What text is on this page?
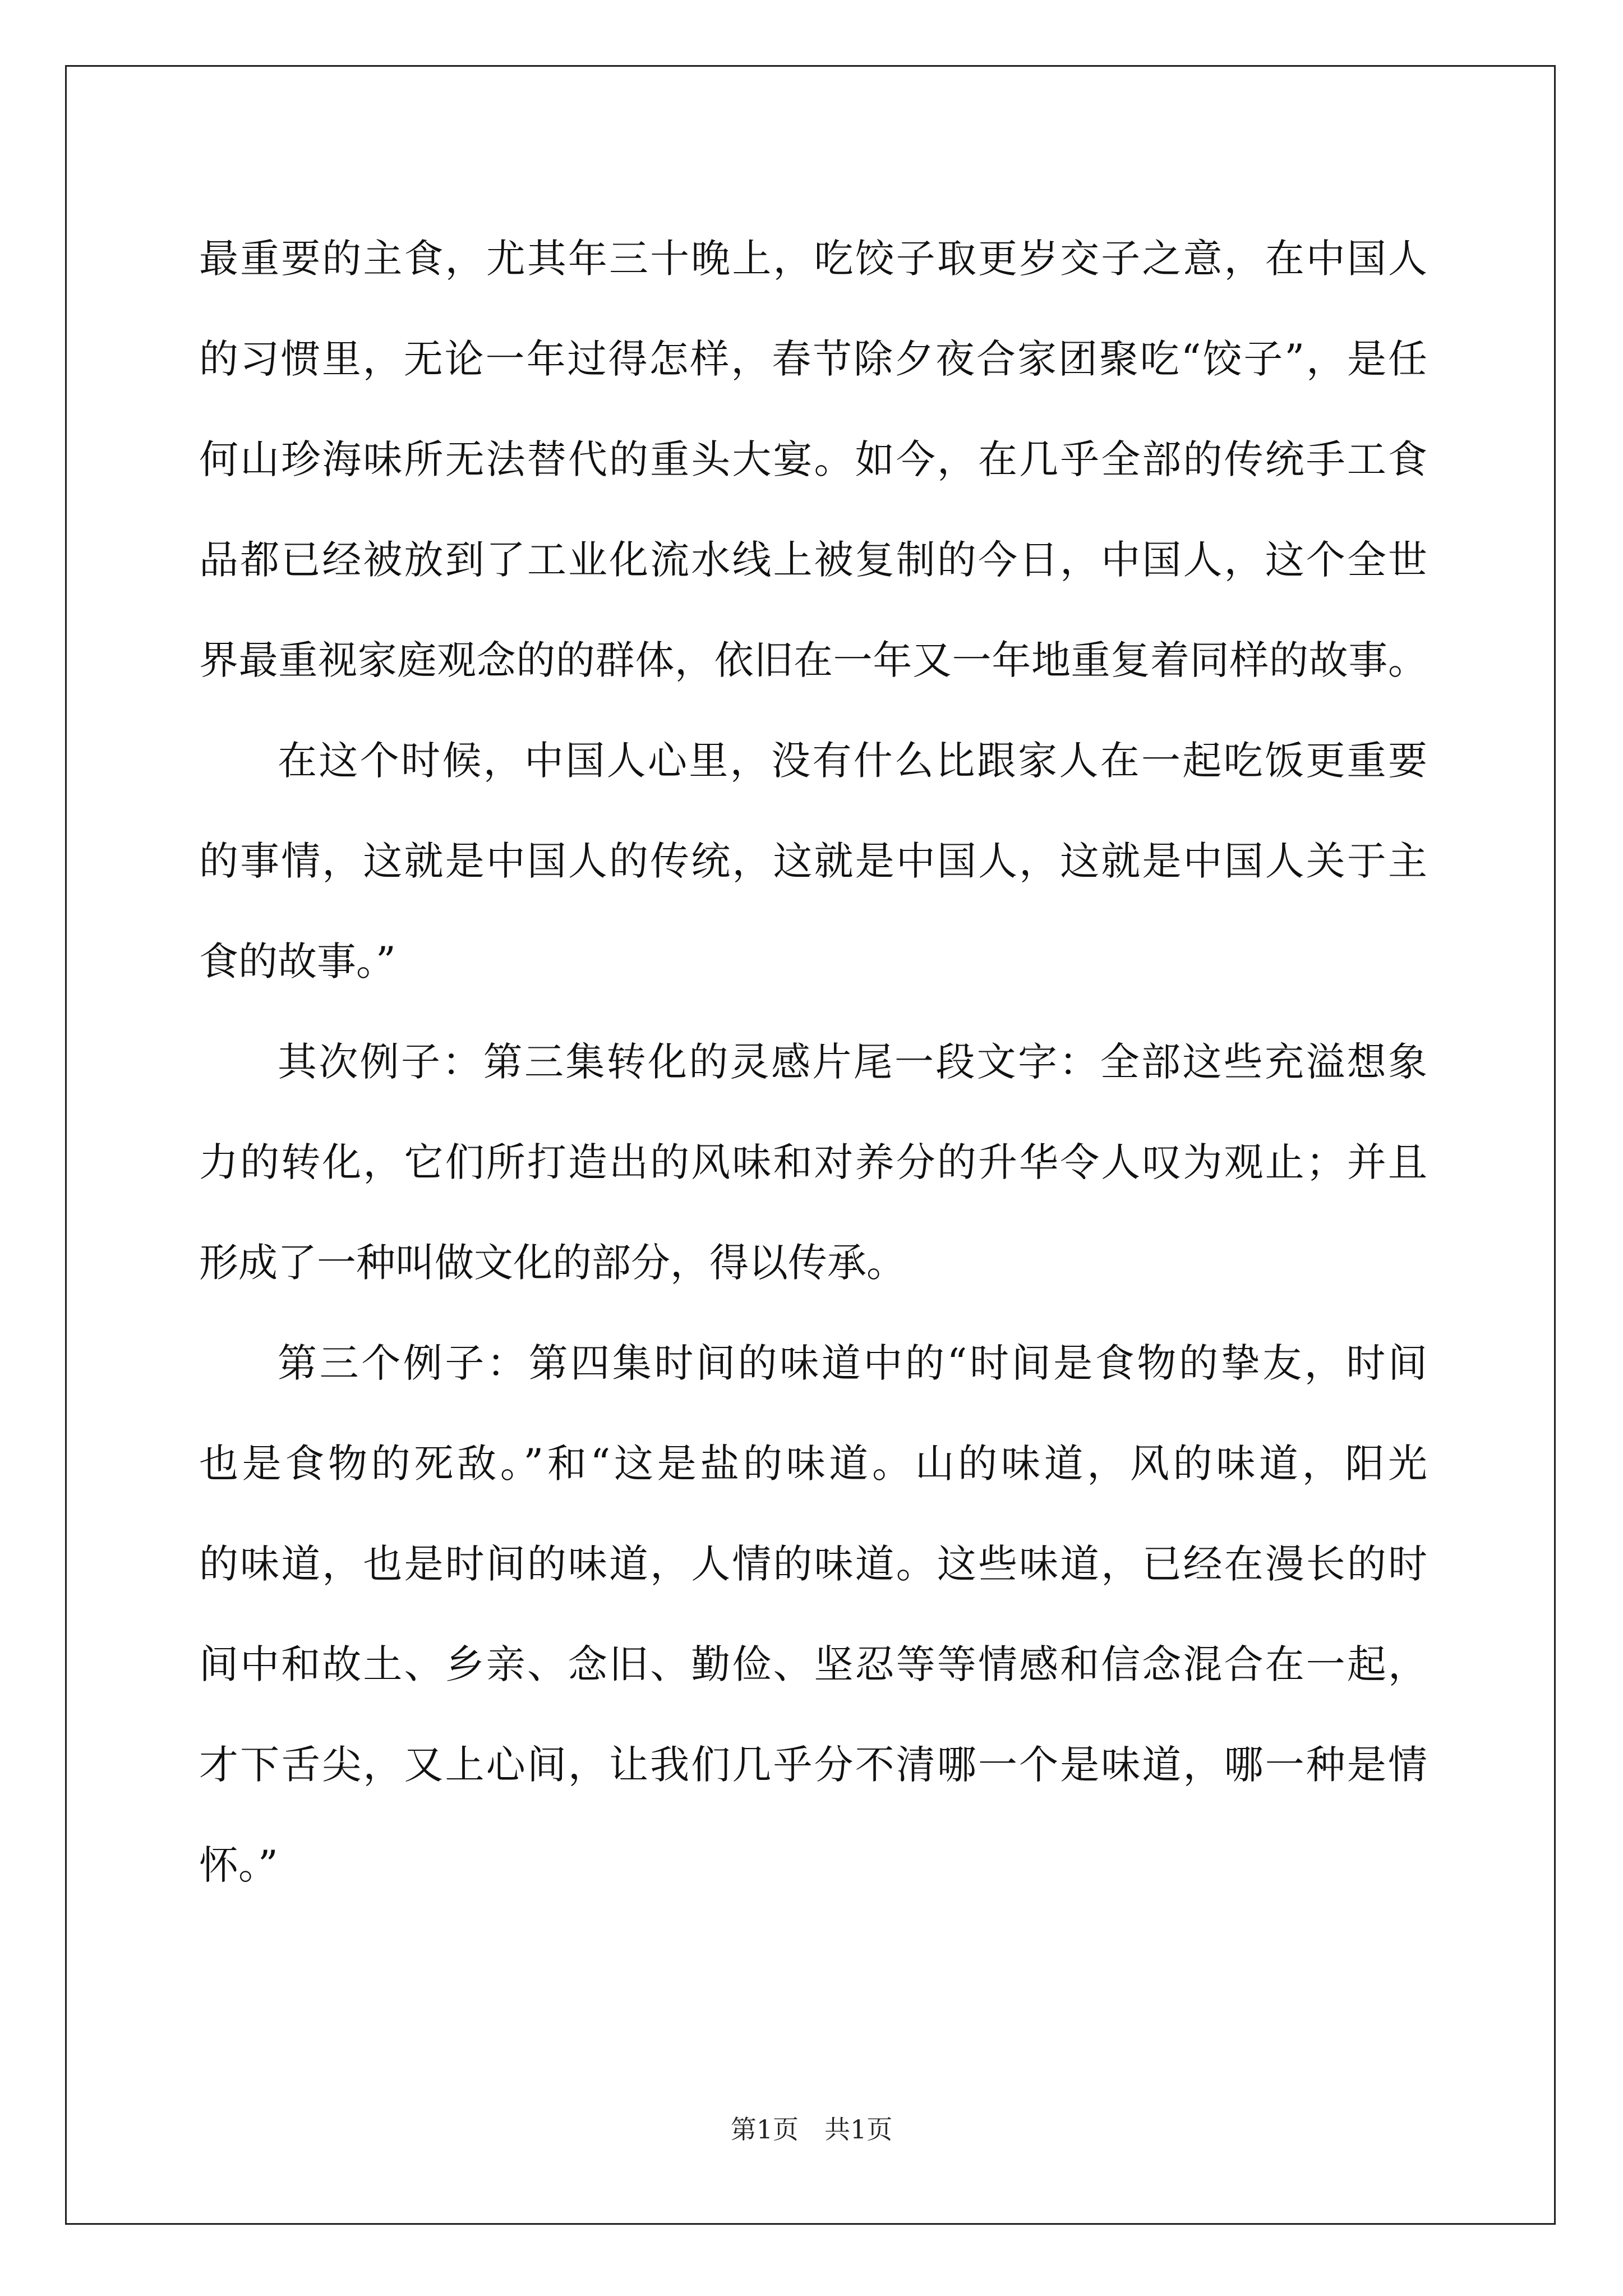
最重要的主食，尤其年三十晚上，吃饺子取更岁交子之意，在中国人
的习惯里，无论一年过得怎样，春节除夕夜合家团聚吃“饺子”，是任
何山珍海味所无法替代的重头大宴。如今，在几乎全部的传统手工食
品都已经被放到了工业化流水线上被复制的今日，中国人，这个全世
界最重视家庭观念的的群体，依旧在一年又一年地重复着同样的故事。
在这个时候，中国人心里，没有什么比跟家人在一起吃饭更重要
的事情，这就是中国人的传统，这就是中国人，这就是中国人关于主
食的故事。”
其次例子：第三集转化的灵感片尾一段文字：全部这些充溢想象
力的转化，它们所打造出的风味和对养分的升华令人叹为观止；并且
形成了一种叫做文化的部分，得以传承。
第三个例子：第四集时间的味道中的“时间是食物的挚友，时间
也是食物的死敌。”和“这是盐的味道。山的味道，风的味道，阳光
的味道，也是时间的味道，人情的味道。这些味道，已经在漫长的时
间中和故土、乡亲、念旧、勤俭、坚忍等等情感和信念混合在一起，
才下舌尖，又上心间，让我们几乎分不清哪一个是味道，哪一种是情
怀。”
第1页 共1页
